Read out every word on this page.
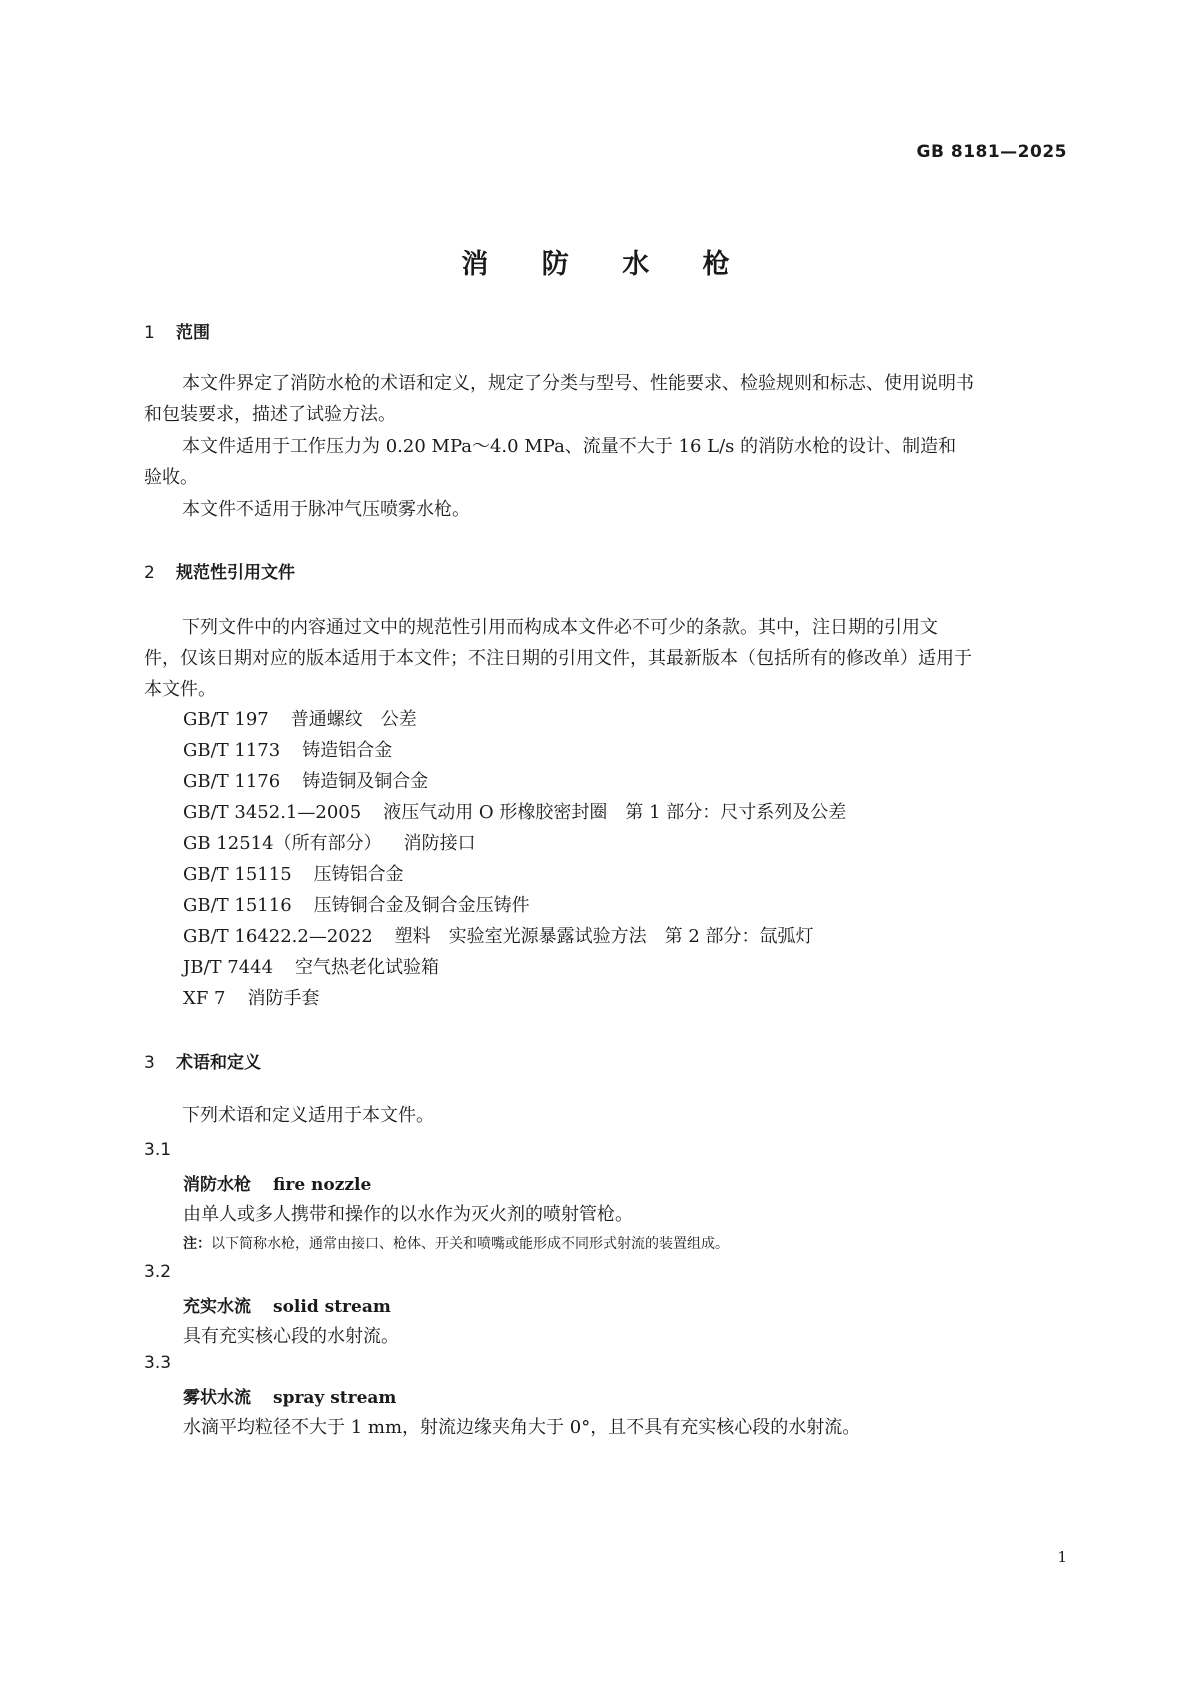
GB 8181—2025
消 防 水 枪
1 范围
本文件界定了消防水枪的术语和定义，规定了分类与型号、性能要求、检验规则和标志、使用说明书
和包装要求，描述了试验方法。
本文件适用于工作压力为 0.20 MPa～4.0 MPa、流量不大于 16 L/s 的消防水枪的设计、制造和
验收。
本文件不适用于脉冲气压喷雾水枪。
2 规范性引用文件
下列文件中的内容通过文中的规范性引用而构成本文件必不可少的条款。其中，注日期的引用文
件，仅该日期对应的版本适用于本文件；不注日期的引用文件，其最新版本（包括所有的修改单）适用于
本文件。
GB/T 197 普通螺纹　公差
GB/T 1173 铸造铝合金
GB/T 1176 铸造铜及铜合金
GB/T 3452.1—2005 液压气动用 O 形橡胶密封圈　第 1 部分：尺寸系列及公差
GB 12514（所有部分） 消防接口
GB/T 15115 压铸铝合金
GB/T 15116 压铸铜合金及铜合金压铸件
GB/T 16422.2—2022 塑料　实验室光源暴露试验方法　第 2 部分：氙弧灯
JB/T 7444 空气热老化试验箱
XF 7 消防手套
3 术语和定义
下列术语和定义适用于本文件。
3.1
消防水枪 fire nozzle
由单人或多人携带和操作的以水作为灭火剂的喷射管枪。
注：以下简称水枪，通常由接口、枪体、开关和喷嘴或能形成不同形式射流的装置组成。
3.2
充实水流 solid stream
具有充实核心段的水射流。
3.3
雾状水流 spray stream
水滴平均粒径不大于 1 mm，射流边缘夹角大于 0°，且不具有充实核心段的水射流。
1
